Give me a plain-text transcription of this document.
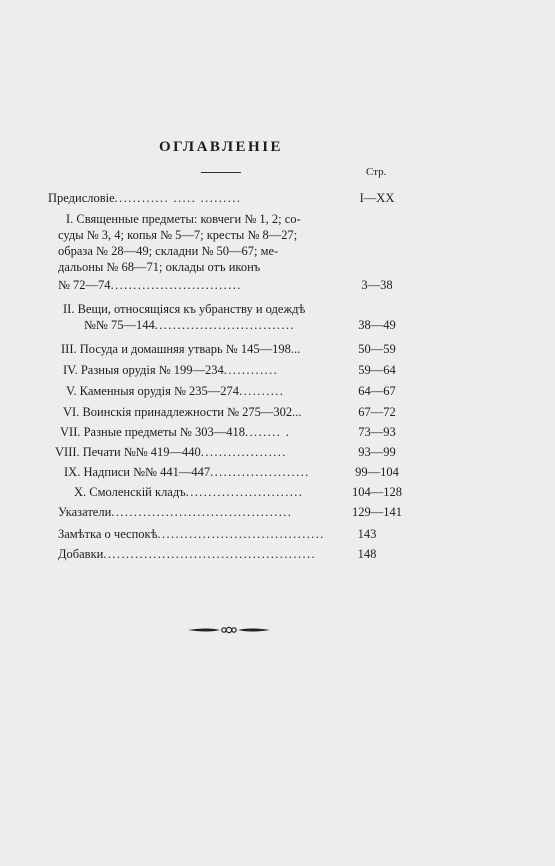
ОГЛАВЛЕНІЕ
Стр.
Предисловіе............ ..... .........	I—XX
I. Священные предметы: ковчеги № 1, 2; со-
суды № 3, 4; копья № 5—7; кресты № 8—27;
образа № 28—49; складни № 50—67; ме-
дальоны № 68—71; оклады отъ иконъ
№ 72—74.............................	3—38
II. Вещи, относящіяся къ убранству и одеждѣ
№№ 75—144...............................	38—49
III. Посуда и домашняя утварь № 145—198...	50—59
IV. Разныя орудія № 199—234............	59—64
V. Каменныя орудія № 235—274..........	64—67
VI. Воинскія принадлежности № 275—302...	67—72
VII. Разные предметы № 303—418........ .	73—93
VIII. Печати №№ 419—440...................	93—99
IX. Надписи №№ 441—447......................	99—104
X. Смоленскій кладъ..........................	104—128
Указатели........................................	129—141
Замѣтка о чеспокѣ.....................................	143
Добавки...............................................	148
